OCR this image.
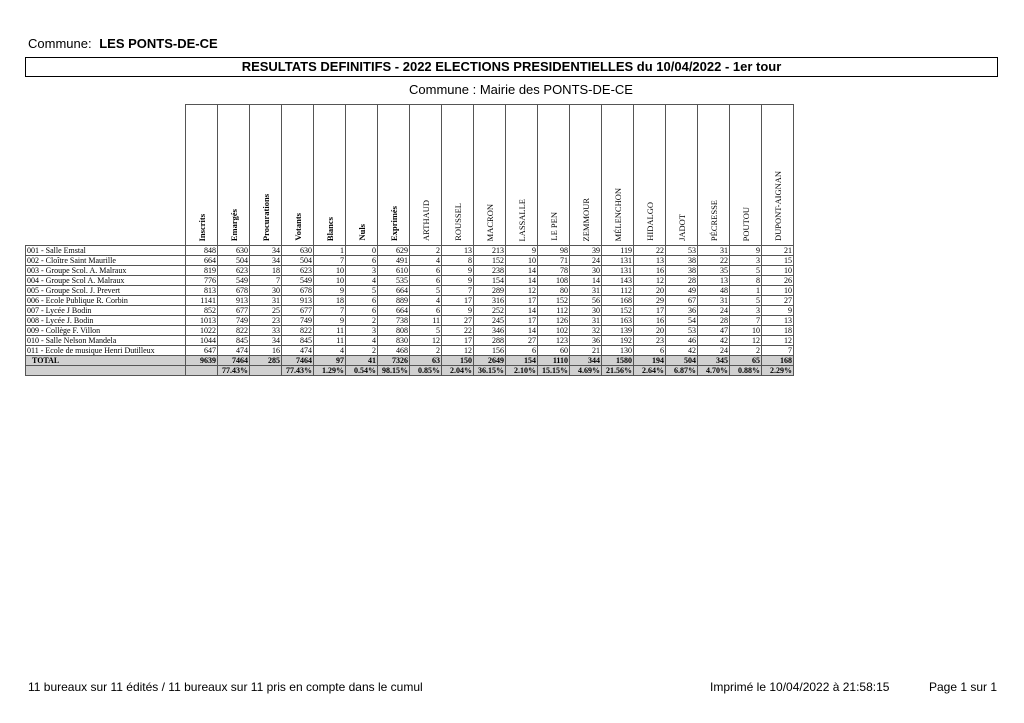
Commune: LES PONTS-DE-CE
RESULTATS DEFINITIFS - 2022 ELECTIONS PRESIDENTIELLES du 10/04/2022 - 1er tour
Commune : Mairie des PONTS-DE-CE
	Inscrits	Emargés	Procurations	Votants	Blancs	Nuls	Exprimés	ARTHAUD	ROUSSEL	MACRON	LASSALLE	LE PEN	ZEMMOUR	MÉLENCHON	HIDALGO	JADOT	PÉCRESSE	POUTOU	DUPONT-AIGNAN
001 - Salle Emstal	848	630	34	630	1	0	629	2	13	213	9	98	39	119	22	53	31	9	21
002 - Cloître Saint Maurille	664	504	34	504	7	6	491	4	8	152	10	71	24	131	13	38	22	3	15
003 - Groupe Scol. A. Malraux	819	623	18	623	10	3	610	6	9	238	14	78	30	131	16	38	35	5	10
004 - Groupe Scol A. Malraux	776	549	7	549	10	4	535	6	9	154	14	108	14	143	12	28	13	8	26
005 - Groupe Scol. J. Prevert	813	678	30	678	9	5	664	5	7	289	12	80	31	112	20	49	48	1	10
006 - Ecole Publique R. Corbin	1141	913	31	913	18	6	889	4	17	316	17	152	56	168	29	67	31	5	27
007 - Lycée J Bodin	852	677	25	677	7	6	664	6	9	252	14	112	30	152	17	36	24	3	9
008 - Lycée J. Bodin	1013	749	23	749	9	2	738	11	27	245	17	126	31	163	16	54	28	7	13
009 - Collège F. Villon	1022	822	33	822	11	3	808	5	22	346	14	102	32	139	20	53	47	10	18
010 - Salle Nelson Mandela	1044	845	34	845	11	4	830	12	17	288	27	123	36	192	23	46	42	12	12
011 - Ecole de musique Henri Dutilleux	647	474	16	474	4	2	468	2	12	156	6	60	21	130	6	42	24	2	7
TOTAL	9639	7464	285	7464	97	41	7326	63	150	2649	154	1110	344	1580	194	504	345	65	168
		77.43%		77.43%	1.29%	0.54%	98.15%	0.85%	2.04%	36.15%	2.10%	15.15%	4.69%	21.56%	2.64%	6.87%	4.70%	0.88%	2.29%
11 bureaux sur 11 édités / 11 bureaux sur 11 pris en compte dans le cumul	Imprimé le 10/04/2022 à 21:58:15	Page 1 sur 1
